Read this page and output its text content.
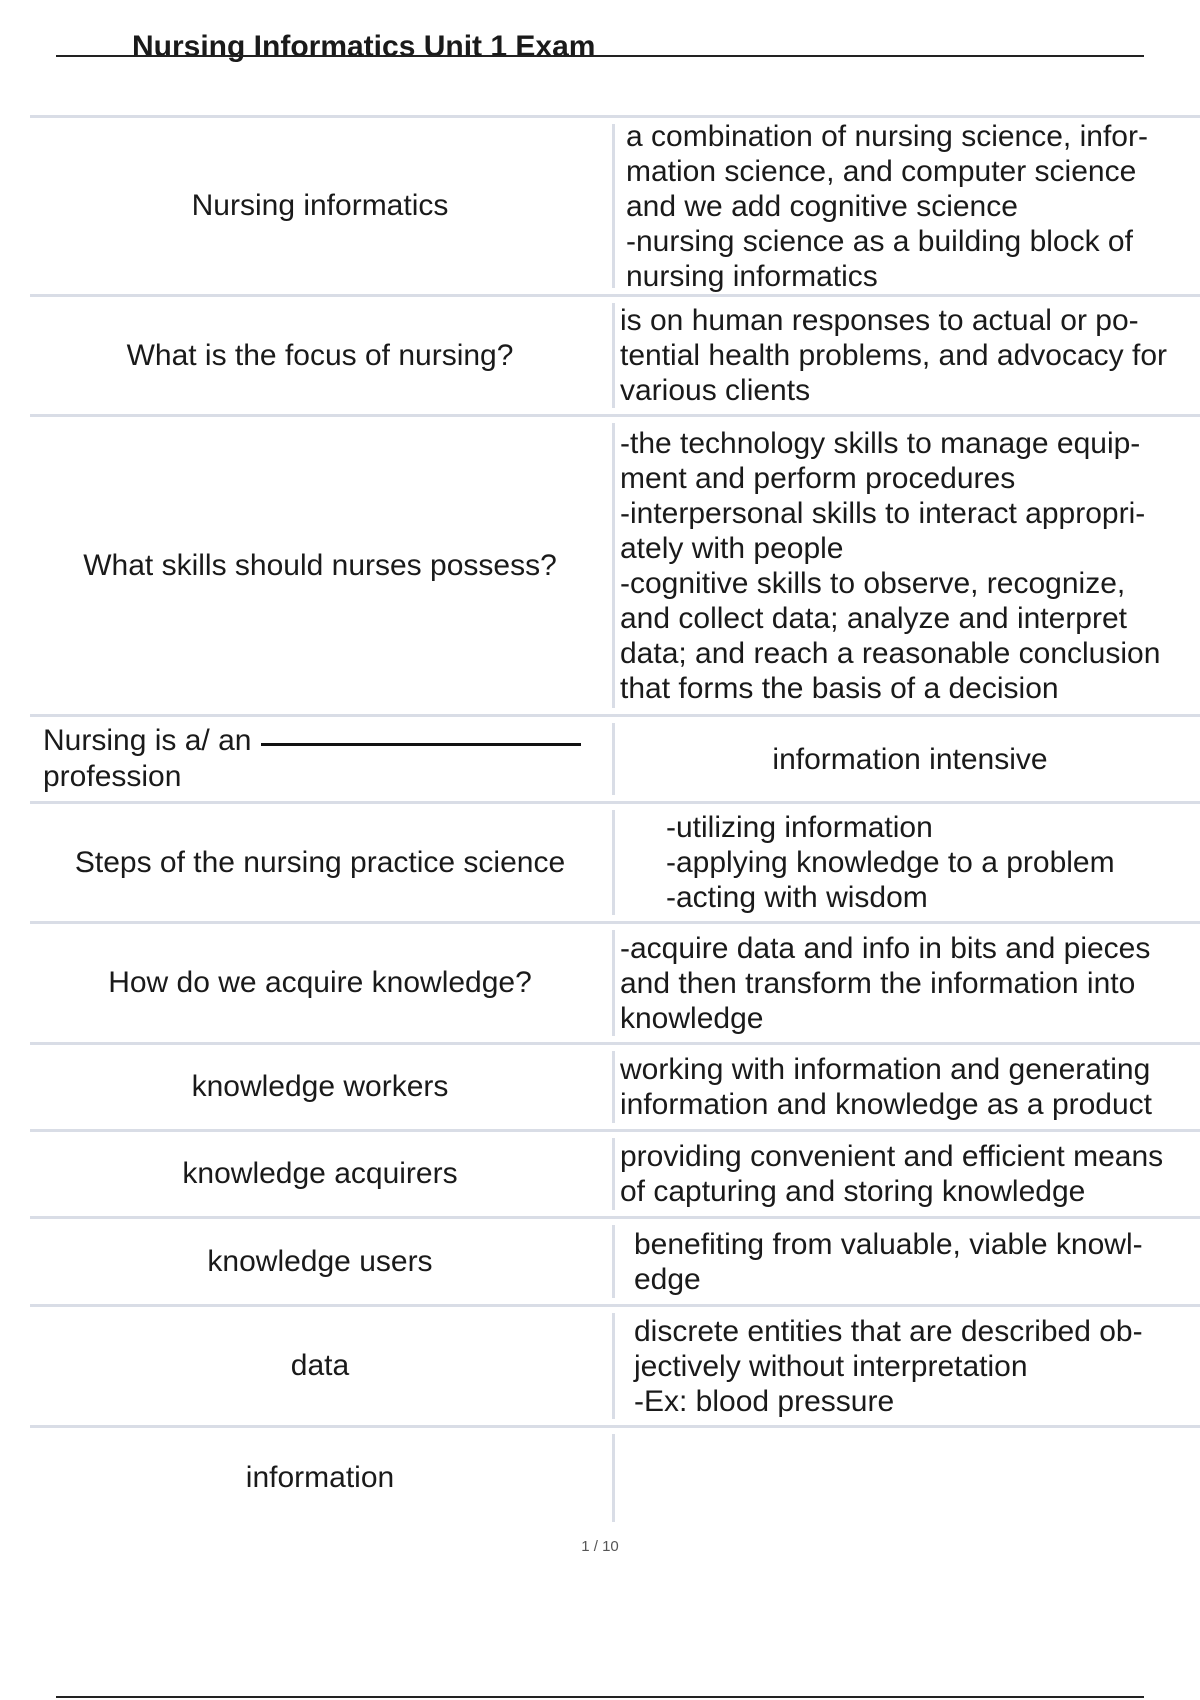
Nursing Informatics Unit 1 Exam
Nursing informatics
a combination of nursing science, infor-
mation science, and computer science
and we add cognitive science
-nursing science as a building block of
nursing informatics
What is the focus of nursing?
is on human responses to actual or po-
tential health problems, and advocacy for
various clients
What skills should nurses possess?
-the technology skills to manage equip-
ment and perform procedures
-interpersonal skills to interact appropri-
ately with people
-cognitive skills to observe, recognize,
and collect data; analyze and interpret
data; and reach a reasonable conclusion
that forms the basis of a decision
Nursing is a/ an
profession
information intensive
Steps of the nursing practice science
-utilizing information
-applying knowledge to a problem
-acting with wisdom
How do we acquire knowledge?
-acquire data and info in bits and pieces
and then transform the information into
knowledge
knowledge workers
working with information and generating
information and knowledge as a product
knowledge acquirers
providing convenient and efficient means
of capturing and storing knowledge
knowledge users
benefiting from valuable, viable knowl-
edge
data
discrete entities that are described ob-
jectively without interpretation
-Ex: blood pressure
information
1 / 10
